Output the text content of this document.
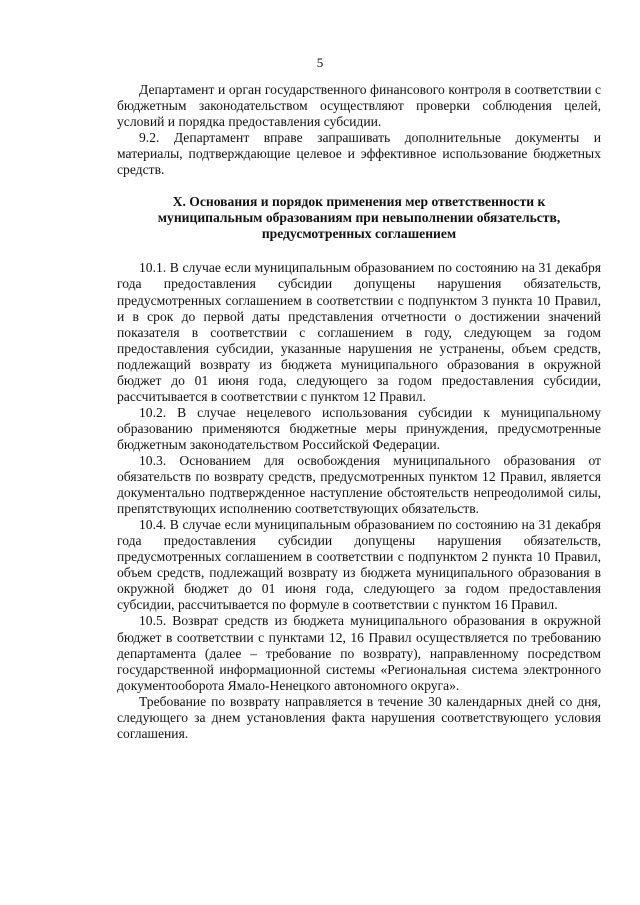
5

Департамент и орган государственного финансового контроля в соответствии с бюджетным законодательством осуществляют проверки соблюдения целей, условий и порядка предоставления субсидии.

9.2. Департамент вправе запрашивать дополнительные документы и материалы, подтверждающие целевое и эффективное использование бюджетных средств.

X. Основания и порядок применения мер ответственности к
муниципальным образованиям при невыполнении обязательств,
предусмотренных соглашением

10.1. В случае если муниципальным образованием по состоянию на 31 декабря года предоставления субсидии допущены нарушения обязательств, предусмотренных соглашением в соответствии с подпунктом 3 пункта 10 Правил, и в срок до первой даты представления отчетности о достижении значений показателя в соответствии с соглашением в году, следующем за годом предоставления субсидии, указанные нарушения не устранены, объем средств, подлежащий возврату из бюджета муниципального образования в окружной бюджет до 01 июня года, следующего за годом предоставления субсидии, рассчитывается в соответствии с пунктом 12 Правил.

10.2. В случае нецелевого использования субсидии к муниципальному образованию применяются бюджетные меры принуждения, предусмотренные бюджетным законодательством Российской Федерации.

10.3. Основанием для освобождения муниципального образования от обязательств по возврату средств, предусмотренных пунктом 12 Правил, является документально подтвержденное наступление обстоятельств непреодолимой силы, препятствующих исполнению соответствующих обязательств.

10.4. В случае если муниципальным образованием по состоянию на 31 декабря года предоставления субсидии допущены нарушения обязательств, предусмотренных соглашением в соответствии с подпунктом 2 пункта 10 Правил, объем средств, подлежащий возврату из бюджета муниципального образования в окружной бюджет до 01 июня года, следующего за годом предоставления субсидии, рассчитывается по формуле в соответствии с пунктом 16 Правил.

10.5. Возврат средств из бюджета муниципального образования в окружной бюджет в соответствии с пунктами 12, 16 Правил осуществляется по требованию департамента (далее – требование по возврату), направленному посредством государственной информационной системы «Региональная система электронного документооборота Ямало-Ненецкого автономного округа».

Требование по возврату направляется в течение 30 календарных дней со дня, следующего за днем установления факта нарушения соответствующего условия соглашения.
